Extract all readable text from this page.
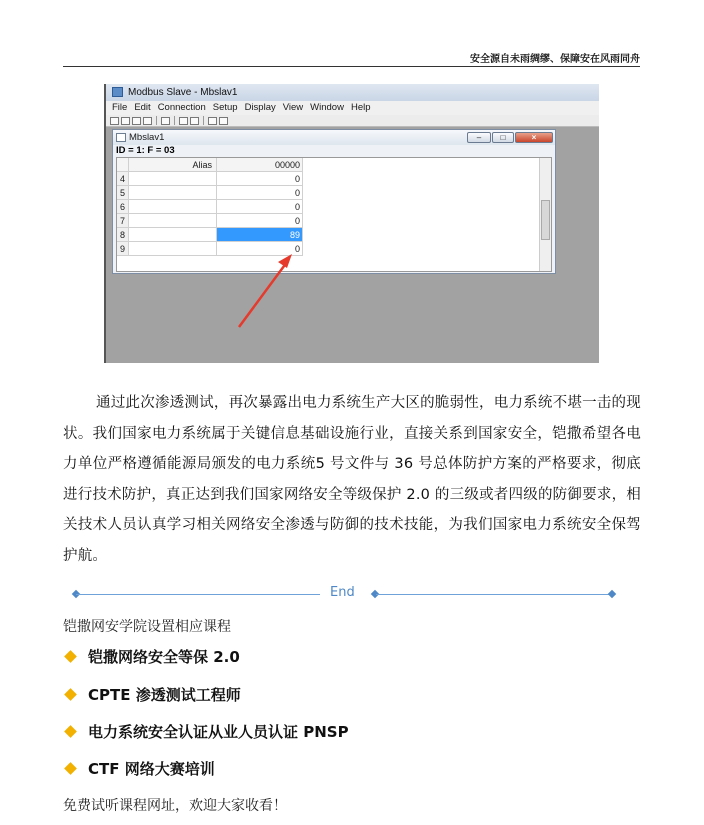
安全源自未雨绸缪、保障安在风雨同舟
Modbus Slave - Mbslav1
File Edit Connection Setup Display View Window Help
Mbslav1	–	□	×
ID = 1: F = 03
Alias	00000
4	0
5	0
6	0
7	0
8	89
9	0

通过此次渗透测试，再次暴露出电力系统生产大区的脆弱性，电力系统不堪一击的现状。我们国家电力系统属于关键信息基础设施行业，直接关系到国家安全，铠撒希望各电力单位严格遵循能源局颁发的电力系统5 号文件与 36 号总体防护方案的严格要求，彻底进行技术防护，真正达到我们国家网络安全等级保护 2.0 的三级或者四级的防御要求，相关技术人员认真学习相关网络安全渗透与防御的技术技能，为我们国家电力系统安全保驾护航。

End
铠撒网安学院设置相应课程
铠撒网络安全等保 2.0
CPTE 渗透测试工程师
电力系统安全认证从业人员认证 PNSP
CTF 网络大赛培训
免费试听课程网址，欢迎大家收看！
